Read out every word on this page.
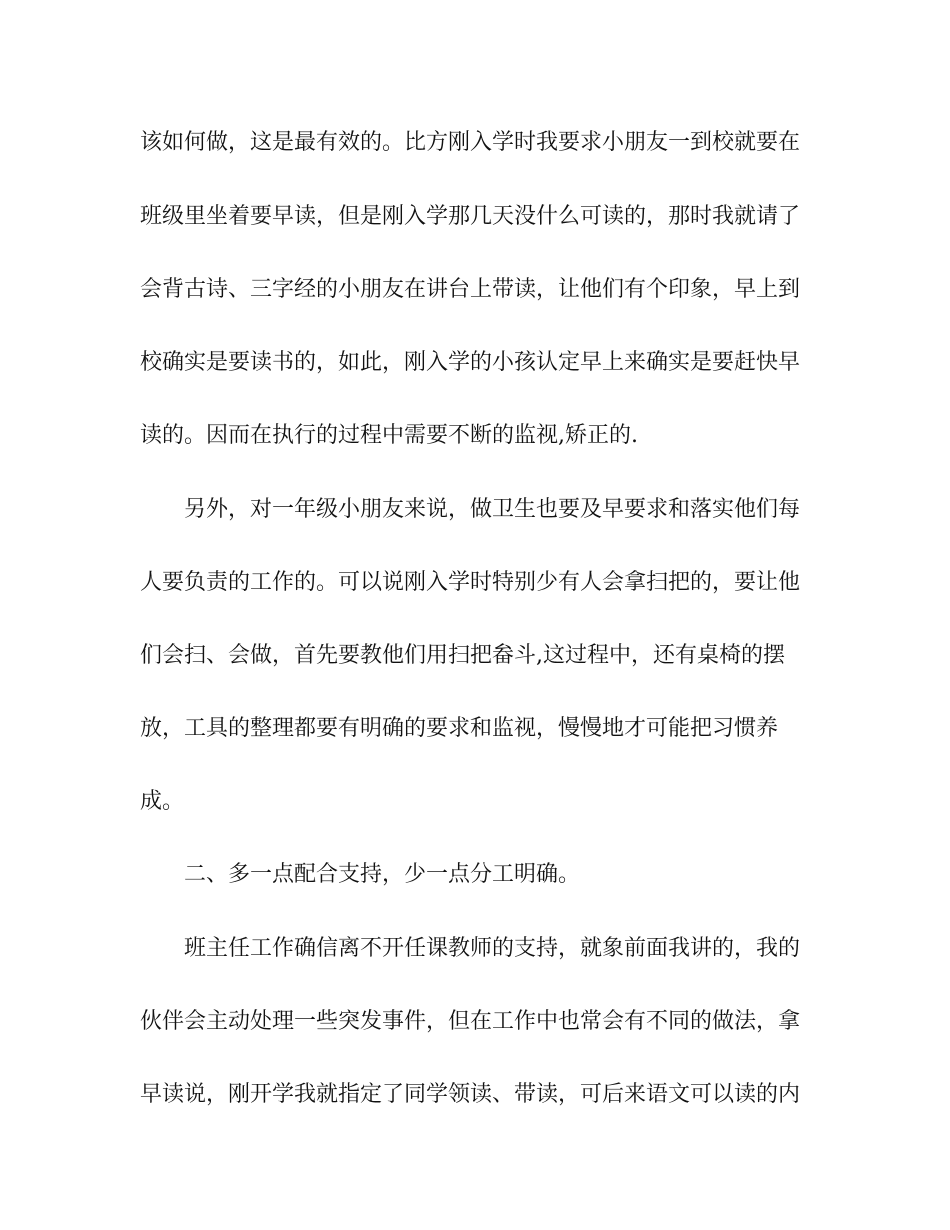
该如何做，这是最有效的。比方刚入学时我要求小朋友一到校就要在
班级里坐着要早读，但是刚入学那几天没什么可读的，那时我就请了
会背古诗、三字经的小朋友在讲台上带读，让他们有个印象，早上到
校确实是要读书的，如此，刚入学的小孩认定早上来确实是要赶快早
读的。因而在执行的过程中需要不断的监视,矫正的.
另外，对一年级小朋友来说，做卫生也要及早要求和落实他们每
人要负责的工作的。可以说刚入学时特别少有人会拿扫把的，要让他
们会扫、会做，首先要教他们用扫把畚斗,这过程中，还有桌椅的摆
放，工具的整理都要有明确的要求和监视，慢慢地才可能把习惯养
成。
二、多一点配合支持，少一点分工明确。
班主任工作确信离不开任课教师的支持，就象前面我讲的，我的
伙伴会主动处理一些突发事件，但在工作中也常会有不同的做法，拿
早读说，刚开学我就指定了同学领读、带读，可后来语文可以读的内
